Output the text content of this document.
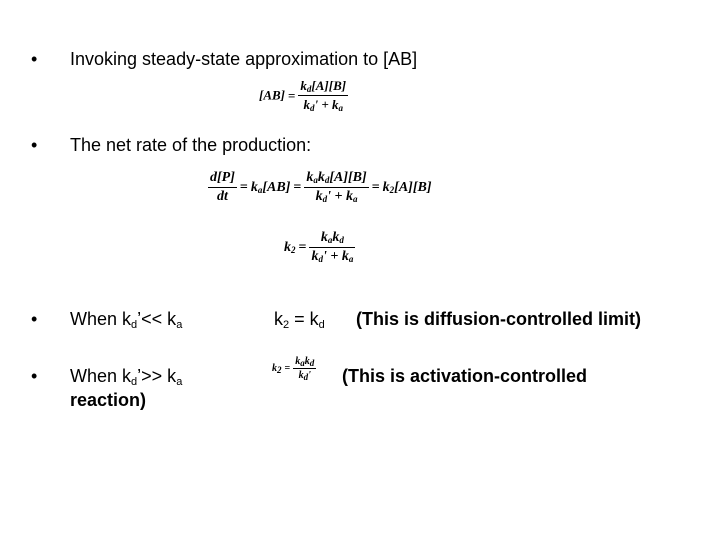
• Invoking steady-state approximation to [AB]
$[AB] = \frac{k_d[A][B]}{k_d' + k_a}$
• The net rate of the production:
$\frac{d[P]}{dt} = k_a[AB] = \frac{k_ak_d[A][B]}{k_d' + k_a} = k_2[A][B]$
$k_2 = \frac{k_ak_d}{k_d' + k_a}$
• When $k_d’<< k_a$	$k_2 = k_d$ (This is diffusion-controlled limit)
• When $k_d’>> k_a$
reaction)
$k_2 = \frac{k_ak_d}{k_d'}$ (This is activation-controlled
